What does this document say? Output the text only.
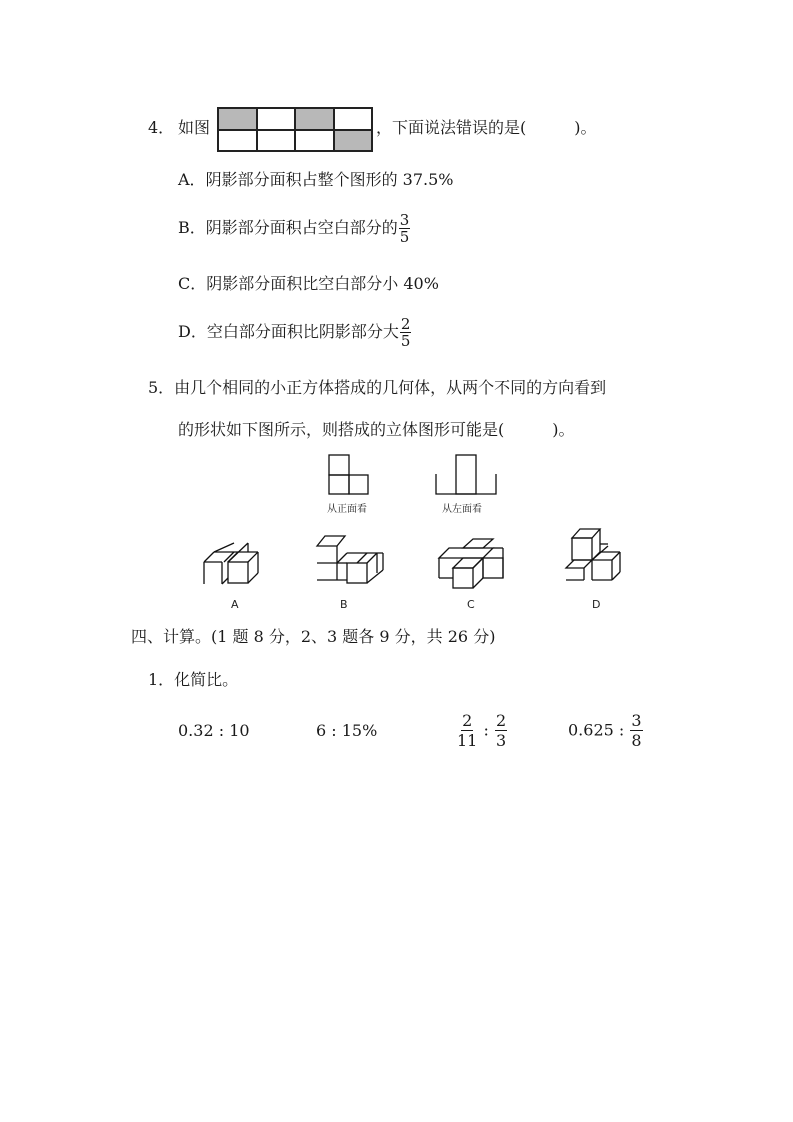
4． 如图	，下面说法错误的是(　　　)。
A．阴影部分面积占整个图形的 37.5%
B．阴影部分面积占空白部分的 $\frac{3}{5}$
C．阴影部分面积比空白部分小 40%
D．空白部分面积比阴影部分大 $\frac{2}{5}$
5．由几个相同的小正方体搭成的几何体，从两个不同的方向看到
的形状如下图所示，则搭成的立体图形可能是(　　　)。
从正面看	从左面看
A	B	C	D
四、计算。(1 题 8 分，2、3 题各 9 分，共 26 分)
1．化简比。
0.32 : 10	6 : 15%	$\frac{2}{11}$ : $\frac{2}{3}$	0.625 : $\frac{3}{8}$
